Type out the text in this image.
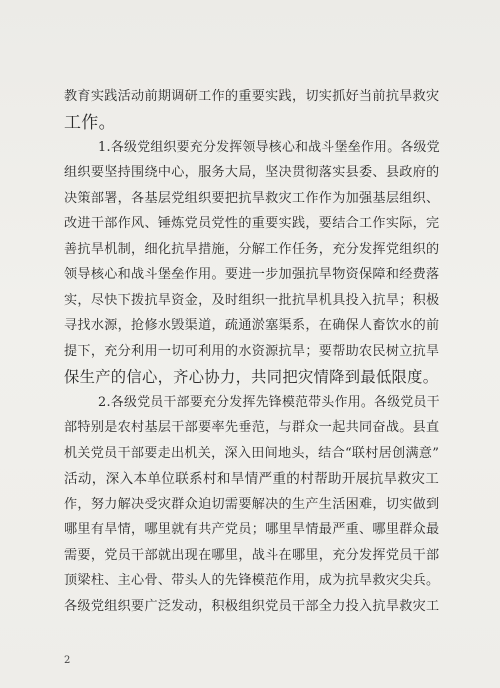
教育实践活动前期调研工作的重要实践，切实抓好当前抗旱救灾
工作。
1.各级党组织要充分发挥领导核心和战斗堡垒作用。各级党
组织要坚持围绕中心，服务大局，坚决贯彻落实县委、县政府的
决策部署，各基层党组织要把抗旱救灾工作作为加强基层组织、
改进干部作风、锤炼党员党性的重要实践，要结合工作实际，完
善抗旱机制，细化抗旱措施，分解工作任务，充分发挥党组织的
领导核心和战斗堡垒作用。要进一步加强抗旱物资保障和经费落
实，尽快下拨抗旱资金，及时组织一批抗旱机具投入抗旱；积极
寻找水源，抢修水毁渠道，疏通淤塞渠系，在确保人畜饮水的前
提下，充分利用一切可利用的水资源抗旱；要帮助农民树立抗旱
保生产的信心，齐心协力，共同把灾情降到最低限度。
2.各级党员干部要充分发挥先锋模范带头作用。各级党员干
部特别是农村基层干部要率先垂范，与群众一起共同奋战。县直
机关党员干部要走出机关，深入田间地头，结合“联村居创满意”
活动，深入本单位联系村和旱情严重的村帮助开展抗旱救灾工
作，努力解决受灾群众迫切需要解决的生产生活困难，切实做到
哪里有旱情，哪里就有共产党员；哪里旱情最严重、哪里群众最
需要，党员干部就出现在哪里，战斗在哪里，充分发挥党员干部
顶梁柱、主心骨、带头人的先锋模范作用，成为抗旱救灾尖兵。
各级党组织要广泛发动，积极组织党员干部全力投入抗旱救灾工
2
